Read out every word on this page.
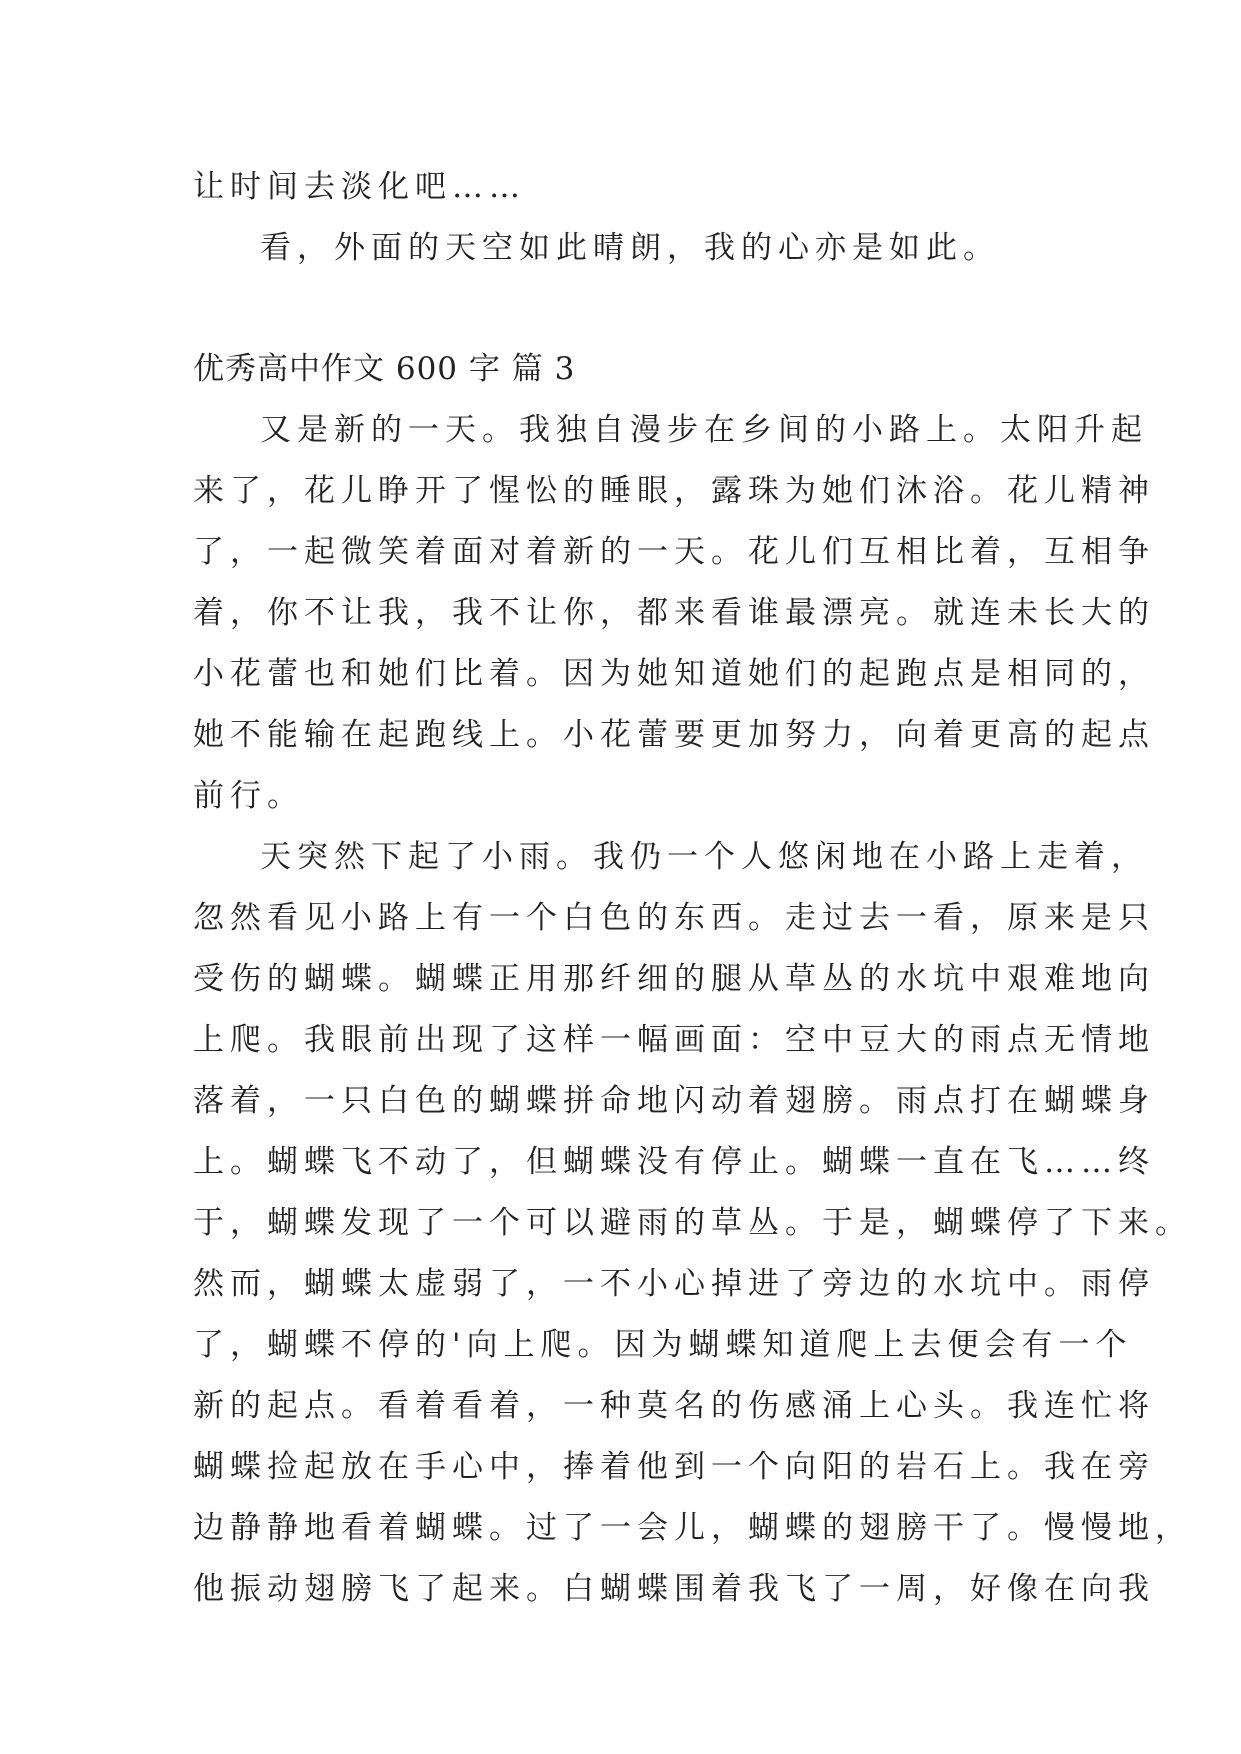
让时间去淡化吧……
看，外面的天空如此晴朗，我的心亦是如此。
优秀高中作文 600 字 篇 3
又是新的一天。我独自漫步在乡间的小路上。太阳升起
来了，花儿睁开了惺忪的睡眼，露珠为她们沐浴。花儿精神
了，一起微笑着面对着新的一天。花儿们互相比着，互相争
着，你不让我，我不让你，都来看谁最漂亮。就连未长大的
小花蕾也和她们比着。因为她知道她们的起跑点是相同的，
她不能输在起跑线上。小花蕾要更加努力，向着更高的起点
前行。
天突然下起了小雨。我仍一个人悠闲地在小路上走着，
忽然看见小路上有一个白色的东西。走过去一看，原来是只
受伤的蝴蝶。蝴蝶正用那纤细的腿从草丛的水坑中艰难地向
上爬。我眼前出现了这样一幅画面：空中豆大的雨点无情地
落着，一只白色的蝴蝶拼命地闪动着翅膀。雨点打在蝴蝶身
上。蝴蝶飞不动了，但蝴蝶没有停止。蝴蝶一直在飞……终
于，蝴蝶发现了一个可以避雨的草丛。于是，蝴蝶停了下来。
然而，蝴蝶太虚弱了，一不小心掉进了旁边的水坑中。雨停
了，蝴蝶不停的'向上爬。因为蝴蝶知道爬上去便会有一个
新的起点。看着看着，一种莫名的伤感涌上心头。我连忙将
蝴蝶捡起放在手心中，捧着他到一个向阳的岩石上。我在旁
边静静地看着蝴蝶。过了一会儿，蝴蝶的翅膀干了。慢慢地，
他振动翅膀飞了起来。白蝴蝶围着我飞了一周，好像在向我
